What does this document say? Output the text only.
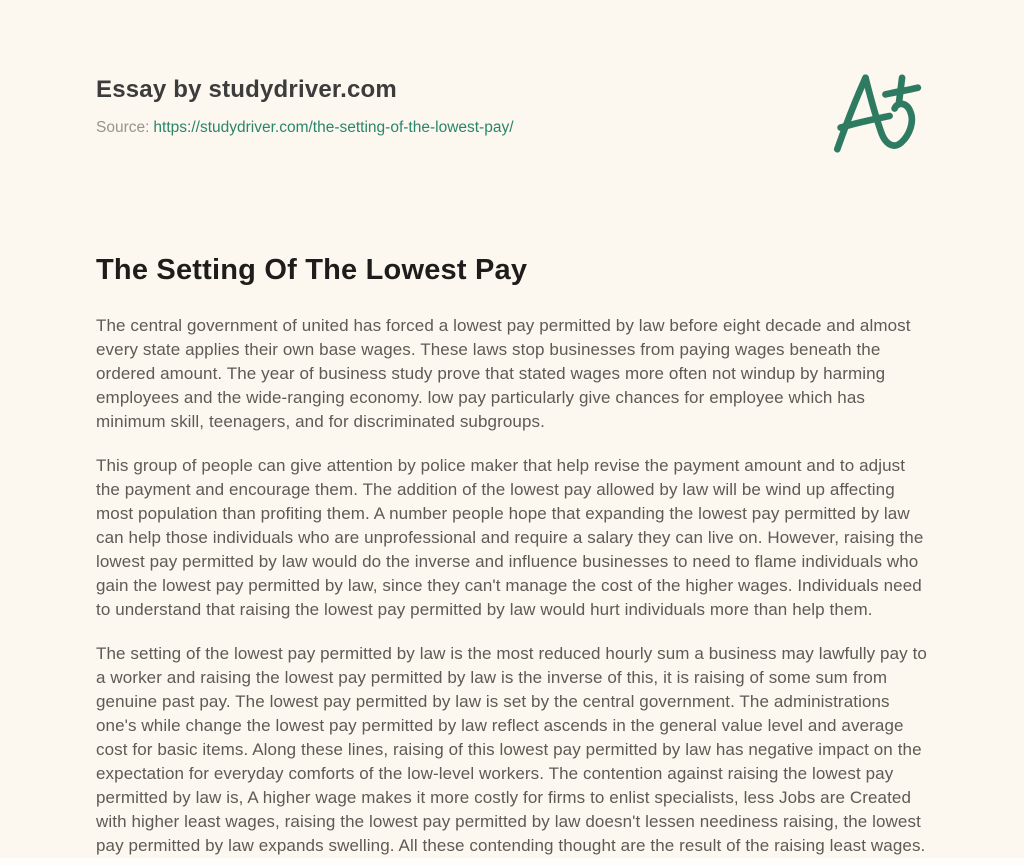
Essay by studydriver.com
Source: https://studydriver.com/the-setting-of-the-lowest-pay/
The Setting Of The Lowest Pay

The central government of united has forced a lowest pay permitted by law before eight decade and almost every state applies their own base wages. These laws stop businesses from paying wages beneath the ordered amount. The year of business study prove that stated wages more often not windup by harming employees and the wide-ranging economy. low pay particularly give chances for employee which has minimum skill, teenagers, and for discriminated subgroups.

This group of people can give attention by police maker that help revise the payment amount and to adjust the payment and encourage them. The addition of the lowest pay allowed by law will be wind up affecting most population than profiting them. A number people hope that expanding the lowest pay permitted by law can help those individuals who are unprofessional and require a salary they can live on. However, raising the lowest pay permitted by law would do the inverse and influence businesses to need to flame individuals who gain the lowest pay permitted by law, since they can't manage the cost of the higher wages. Individuals need to understand that raising the lowest pay permitted by law would hurt individuals more than help them.

The setting of the lowest pay permitted by law is the most reduced hourly sum a business may lawfully pay to a worker and raising the lowest pay permitted by law is the inverse of this, it is raising of some sum from genuine past pay. The lowest pay permitted by law is set by the central government. The administrations one's while change the lowest pay permitted by law reflect ascends in the general value level and average cost for basic items. Along these lines, raising of this lowest pay permitted by law has negative impact on the expectation for everyday comforts of the low-level workers. The contention against raising the lowest pay permitted by law is, A higher wage makes it more costly for firms to enlist specialists, less Jobs are Created with higher least wages, raising the lowest pay permitted by law doesn't lessen neediness raising, the lowest pay permitted by law expands swelling. All these contending thought are the result of the raising least wages.
